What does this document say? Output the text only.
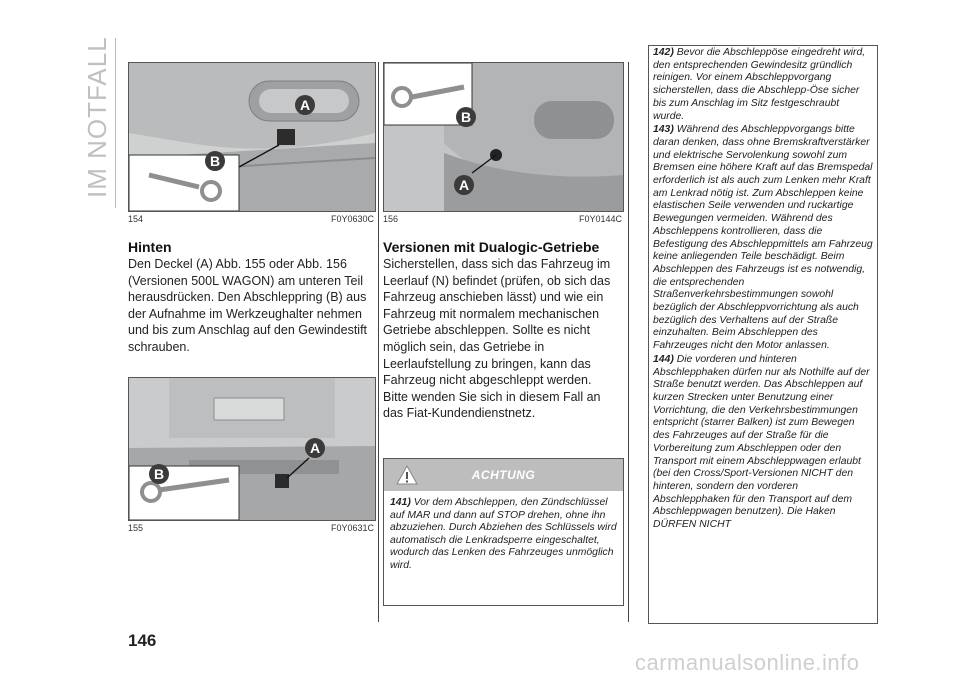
IM NOTFALL	A
B
154	F0Y0630C
Hinten
Den Deckel (A) Abb. 155 oder Abb. 156 (Versionen 500L WAGON) am unteren Teil herausdrücken. Den Abschleppring (B) aus der Aufnahme im Werkzeughalter nehmen und bis zum Anschlag auf den Gewindestift schrauben.
A
B
155	F0Y0631C
B
A
156	F0Y0144C
Versionen mit Dualogic-Getriebe
Sicherstellen, dass sich das Fahrzeug im Leerlauf (N) befindet (prüfen, ob sich das Fahrzeug anschieben lässt) und wie ein Fahrzeug mit normalem mechanischen Getriebe abschleppen. Sollte es nicht möglich sein, das Getriebe in Leerlaufstellung zu bringen, kann das Fahrzeug nicht abgeschleppt werden. Bitte wenden Sie sich in diesem Fall an das Fiat-Kundendienstnetz.
ACHTUNG
141) Vor dem Abschleppen, den Zündschlüssel auf MAR und dann auf STOP drehen, ohne ihn abzuziehen. Durch Abziehen des Schlüssels wird automatisch die Lenkradsperre eingeschaltet, wodurch das Lenken des Fahrzeuges unmöglich wird.
142) Bevor die Abschleppöse eingedreht wird, den entsprechenden Gewindesitz gründlich reinigen. Vor einem Abschleppvorgang sicherstellen, dass die Abschlepp-Öse sicher bis zum Anschlag im Sitz festgeschraubt wurde.
143) Während des Abschleppvorgangs bitte daran denken, dass ohne Bremskraftverstärker und elektrische Servolenkung sowohl zum Bremsen eine höhere Kraft auf das Bremspedal erforderlich ist als auch zum Lenken mehr Kraft am Lenkrad nötig ist. Zum Abschleppen keine elastischen Seile verwenden und ruckartige Bewegungen vermeiden. Während des Abschleppens kontrollieren, dass die Befestigung des Abschleppmittels am Fahrzeug keine anliegenden Teile beschädigt. Beim Abschleppen des Fahrzeugs ist es notwendig, die entsprechenden Straßenverkehrsbestimmungen sowohl bezüglich der Abschleppvorrichtung als auch bezüglich des Verhaltens auf der Straße einzuhalten. Beim Abschleppen des Fahrzeuges nicht den Motor anlassen.
144) Die vorderen und hinteren Abschlepphaken dürfen nur als Nothilfe auf der Straße benutzt werden. Das Abschleppen auf kurzen Strecken unter Benutzung einer Vorrichtung, die den Verkehrsbestimmungen entspricht (starrer Balken) ist zum Bewegen des Fahrzeuges auf der Straße für die Vorbereitung zum Abschleppen oder den Transport mit einem Abschleppwagen erlaubt (bei den Cross/Sport-Versionen NICHT den hinteren, sondern den vorderen Abschlepphaken für den Transport auf dem Abschleppwagen benutzen). Die Haken DÜRFEN NICHT
146
carmanualsonline.info
